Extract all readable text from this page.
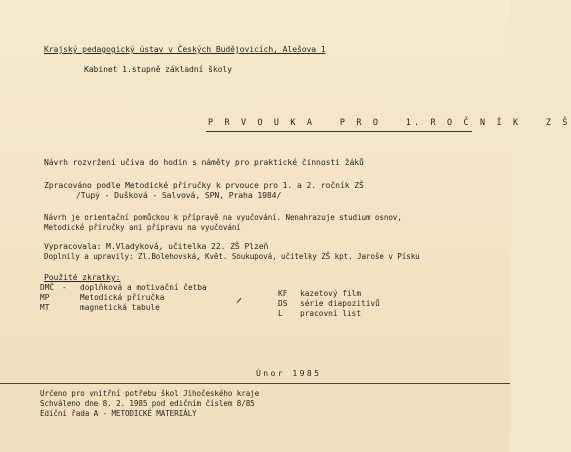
Krajský pedagogický ústav v Českých Budějovicích, Alešova 1
Kabinet 1.stupně základní školy
P R V O U K A   P R O   1. R O Č N Í K   Z Š
Návrh rozvržení učiva do hodin s náměty pro praktické činnosti žáků
Zpracováno podle Metodické příručky k prvouce pro 1. a 2. ročník ZŠ
/Tupý - Dušková - Salvová, SPN, Praha 1984/
Návrh je orientační pomůckou k přípravě na vyučování. Nenahrazuje studium osnov,
Metodické příručky ani přípravu na vyučování
Vypracovala: M.Vladyková, učitelka 22. ZŠ Plzeň
Doplnily a upravily: Zl.Bolehovská, Květ. Soukupová, učitelky ZŠ kpt. Jaroše v Písku
Použité zkratky:
DMČ - doplňková a motivační četba
MP	Metodická příručka
MT	magnetická tabule
KF kazetový film
DS série diapozitivů
L pracovní list
Únor 1985
Určeno pro vnitřní potřebu škol Jihočeského kraje
Schváleno dne 8. 2. 1985 pod edičním číslem 8/85
Ediční řada A - METODICKÉ MATERIÁLY
